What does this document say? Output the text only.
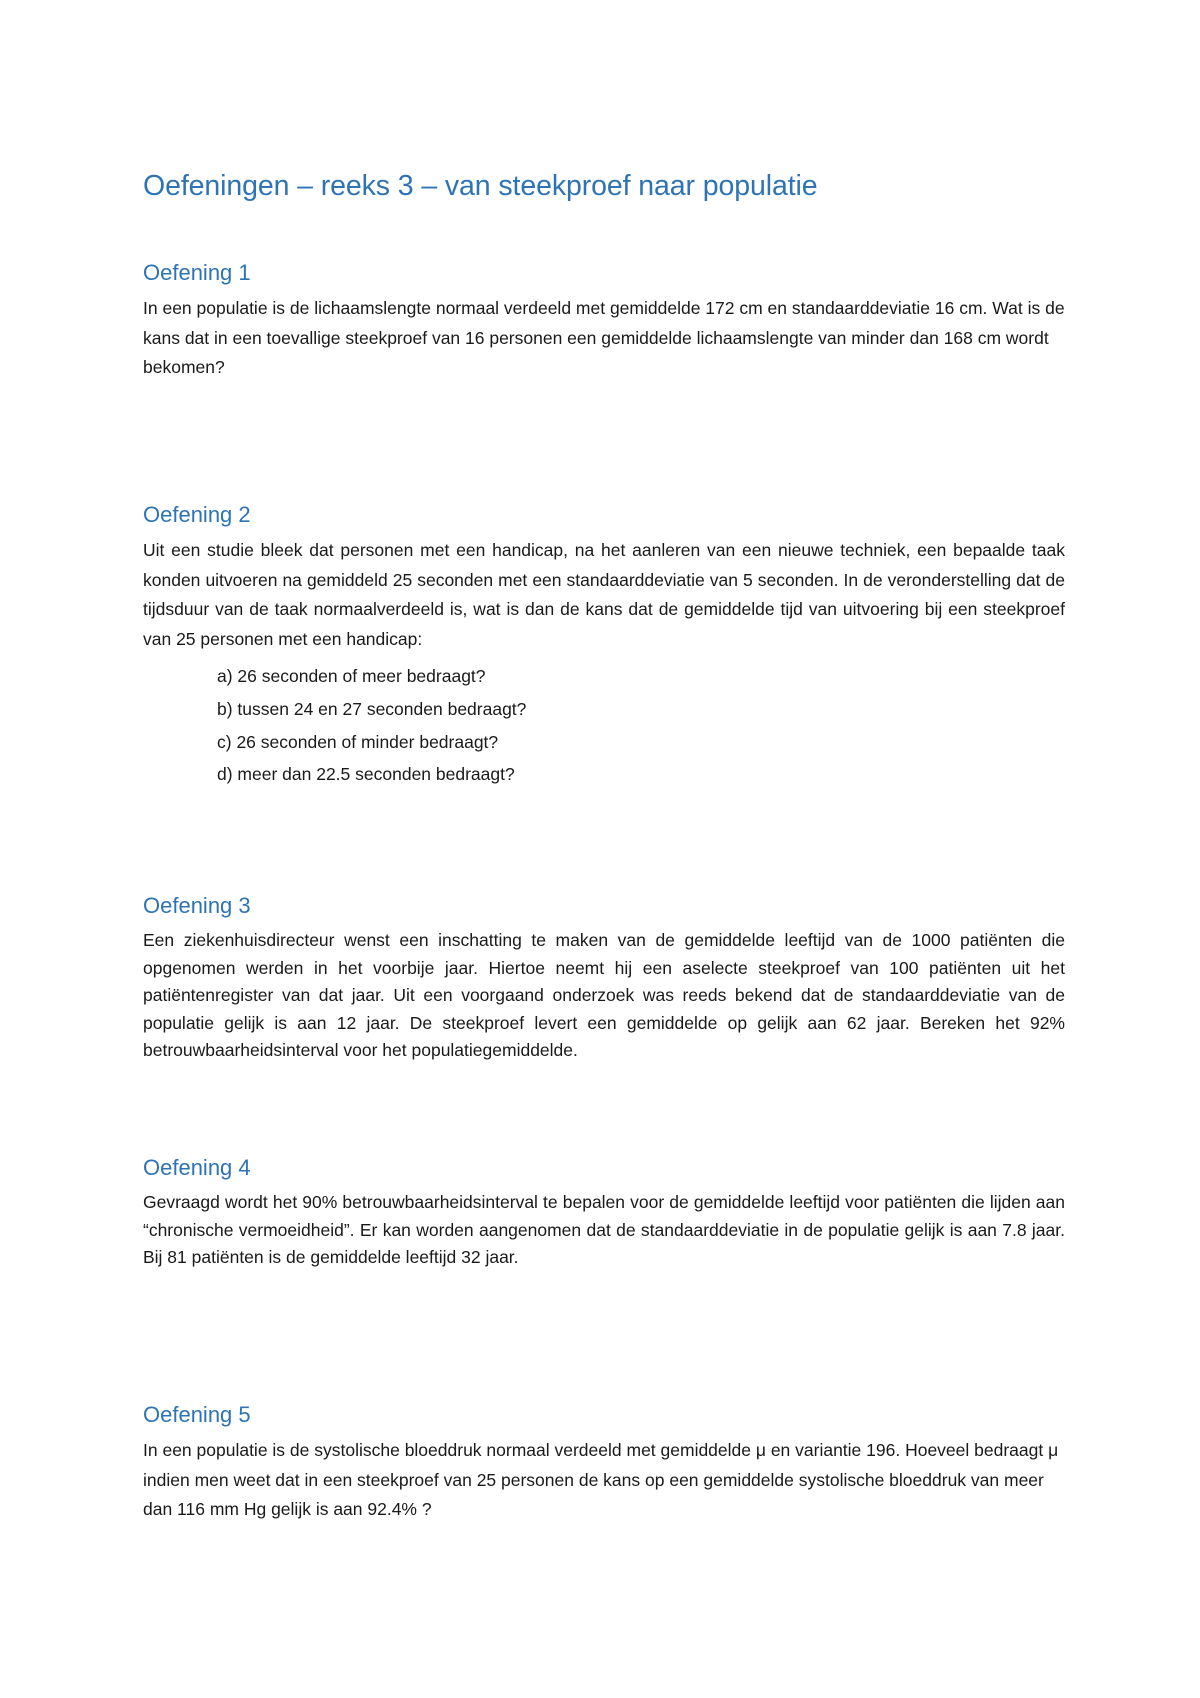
Oefeningen – reeks 3 – van steekproef naar populatie
Oefening 1

In een populatie is de lichaamslengte normaal verdeeld met gemiddelde 172 cm en standaarddeviatie 16 cm. Wat is de kans dat in een toevallige steekproef van 16 personen een gemiddelde lichaamslengte van minder dan 168 cm wordt bekomen?

Oefening 2

Uit een studie bleek dat personen met een handicap, na het aanleren van een nieuwe techniek, een bepaalde taak konden uitvoeren na gemiddeld 25 seconden met een standaarddeviatie van 5 seconden. In de veronderstelling dat de tijdsduur van de taak normaalverdeeld is, wat is dan de kans dat de gemiddelde tijd van uitvoering bij een steekproef van 25 personen met een handicap:

a) 26 seconden of meer bedraagt?
b) tussen 24 en 27 seconden bedraagt?
c) 26 seconden of minder bedraagt?
d) meer dan 22.5 seconden bedraagt?
Oefening 3

Een ziekenhuisdirecteur wenst een inschatting te maken van de gemiddelde leeftijd van de 1000 patiënten die opgenomen werden in het voorbije jaar. Hiertoe neemt hij een aselecte steekproef van 100 patiënten uit het patiëntenregister van dat jaar. Uit een voorgaand onderzoek was reeds bekend dat de standaarddeviatie van de populatie gelijk is aan 12 jaar. De steekproef levert een gemiddelde op gelijk aan 62 jaar. Bereken het 92% betrouwbaarheidsinterval voor het populatiegemiddelde.

Oefening 4

Gevraagd wordt het 90% betrouwbaarheidsinterval te bepalen voor de gemiddelde leeftijd voor patiënten die lijden aan “chronische vermoeidheid”. Er kan worden aangenomen dat de standaarddeviatie in de populatie gelijk is aan 7.8 jaar. Bij 81 patiënten is de gemiddelde leeftijd 32 jaar.

Oefening 5

In een populatie is de systolische bloeddruk normaal verdeeld met gemiddelde μ en variantie 196. Hoeveel bedraagt μ indien men weet dat in een steekproef van 25 personen de kans op een gemiddelde systolische bloeddruk van meer dan 116 mm Hg gelijk is aan 92.4% ?
